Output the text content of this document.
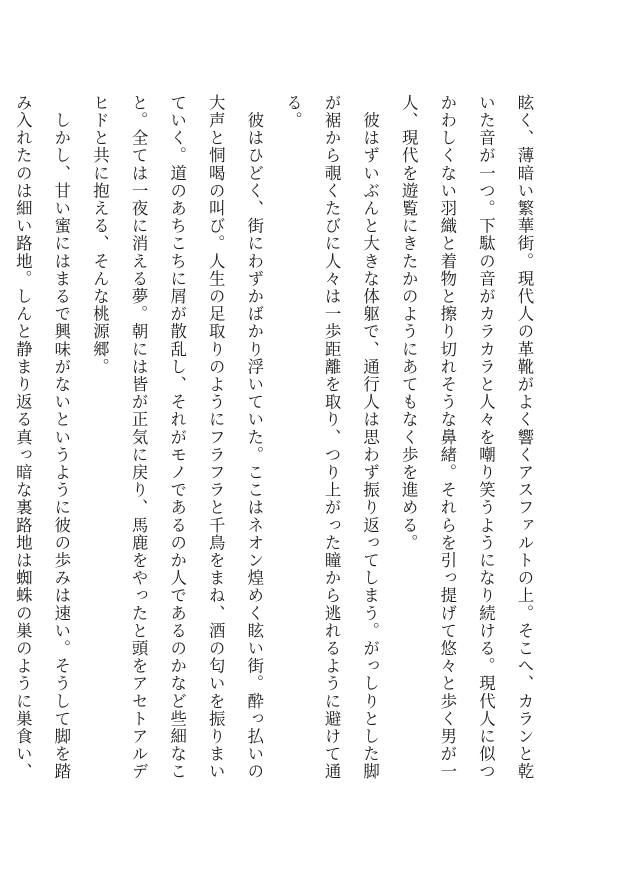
眩く、薄暗い繁華街。現代人の革靴がよく響くアスファルトの上。そこへ、カランと乾いた音が一つ。下駄の音がカラカラと人々を嘲り笑うようになり続ける。現代人に似つかわしくない羽織と着物と擦り切れそうな鼻緒。それらを引っ提げて悠々と歩く男が一人、現代を遊覧にきたかのようにあてもなく歩を進める。

　彼はずいぶんと大きな体躯で、通行人は思わず振り返ってしまう。がっしりとした脚が裾から覗くたびに人々は一歩距離を取り、つり上がった瞳から逃れるように避けて通る。

　彼はひどく、街にわずかばかり浮いていた。ここはネオン煌めく眩い街。酔っ払いの大声と恫喝の叫び。人生の足取りのようにフラフラと千鳥をまね、酒の匂いを振りまいていく。道のあちこちに屑が散乱し、それがモノであるのか人であるのかなど些細なこと。全ては一夜に消える夢。朝には皆が正気に戻り、馬鹿をやったと頭をアセトアルデヒドと共に抱える、そんな桃源郷。

　しかし、甘い蜜にはまるで興味がないというように彼の歩みは速い。そうして脚を踏み入れたのは細い路地。しんと静まり返る真っ暗な裏路地は蜘蛛の巣のように巣食い、
